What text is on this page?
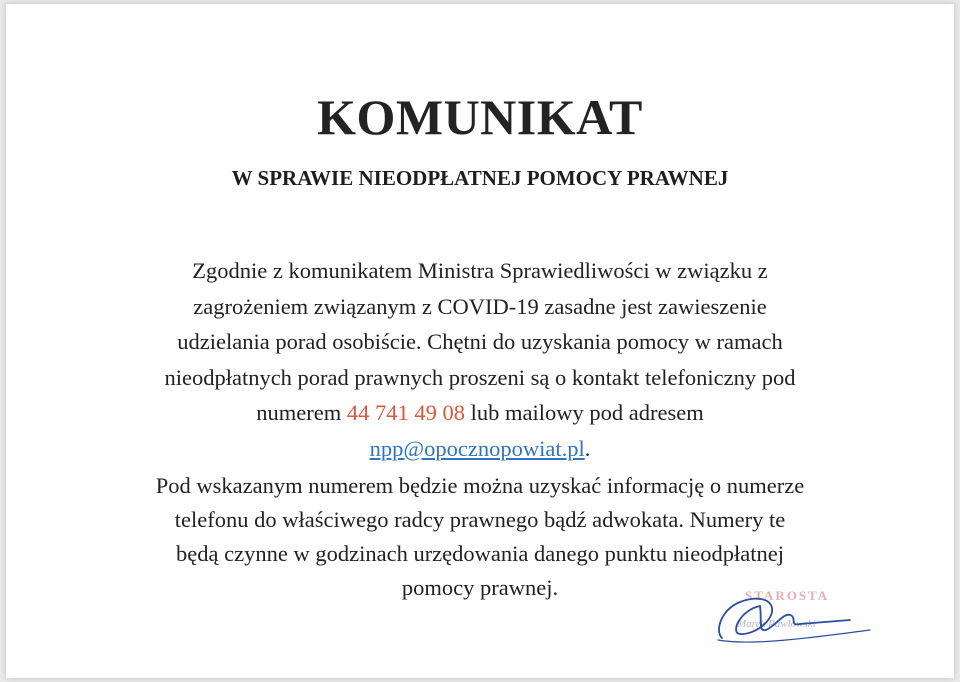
KOMUNIKAT
W SPRAWIE NIEODPŁATNEJ POMOCY PRAWNEJ
Zgodnie z komunikatem Ministra Sprawiedliwości w związku z
zagrożeniem związanym z COVID-19 zasadne jest zawieszenie
udzielania porad osobiście. Chętni do uzyskania pomocy w ramach
nieodpłatnych porad prawnych proszeni są o kontakt telefoniczny pod
numerem 44 741 49 08 lub mailowy pod adresem
npp@opocznopowiat.pl.
Pod wskazanym numerem będzie można uzyskać informację o numerze
telefonu do właściwego radcy prawnego bądź adwokata. Numery te
będą czynne w godzinach urzędowania danego punktu nieodpłatnej
pomocy prawnej.	STAROSTA
Marek Pawłowski
